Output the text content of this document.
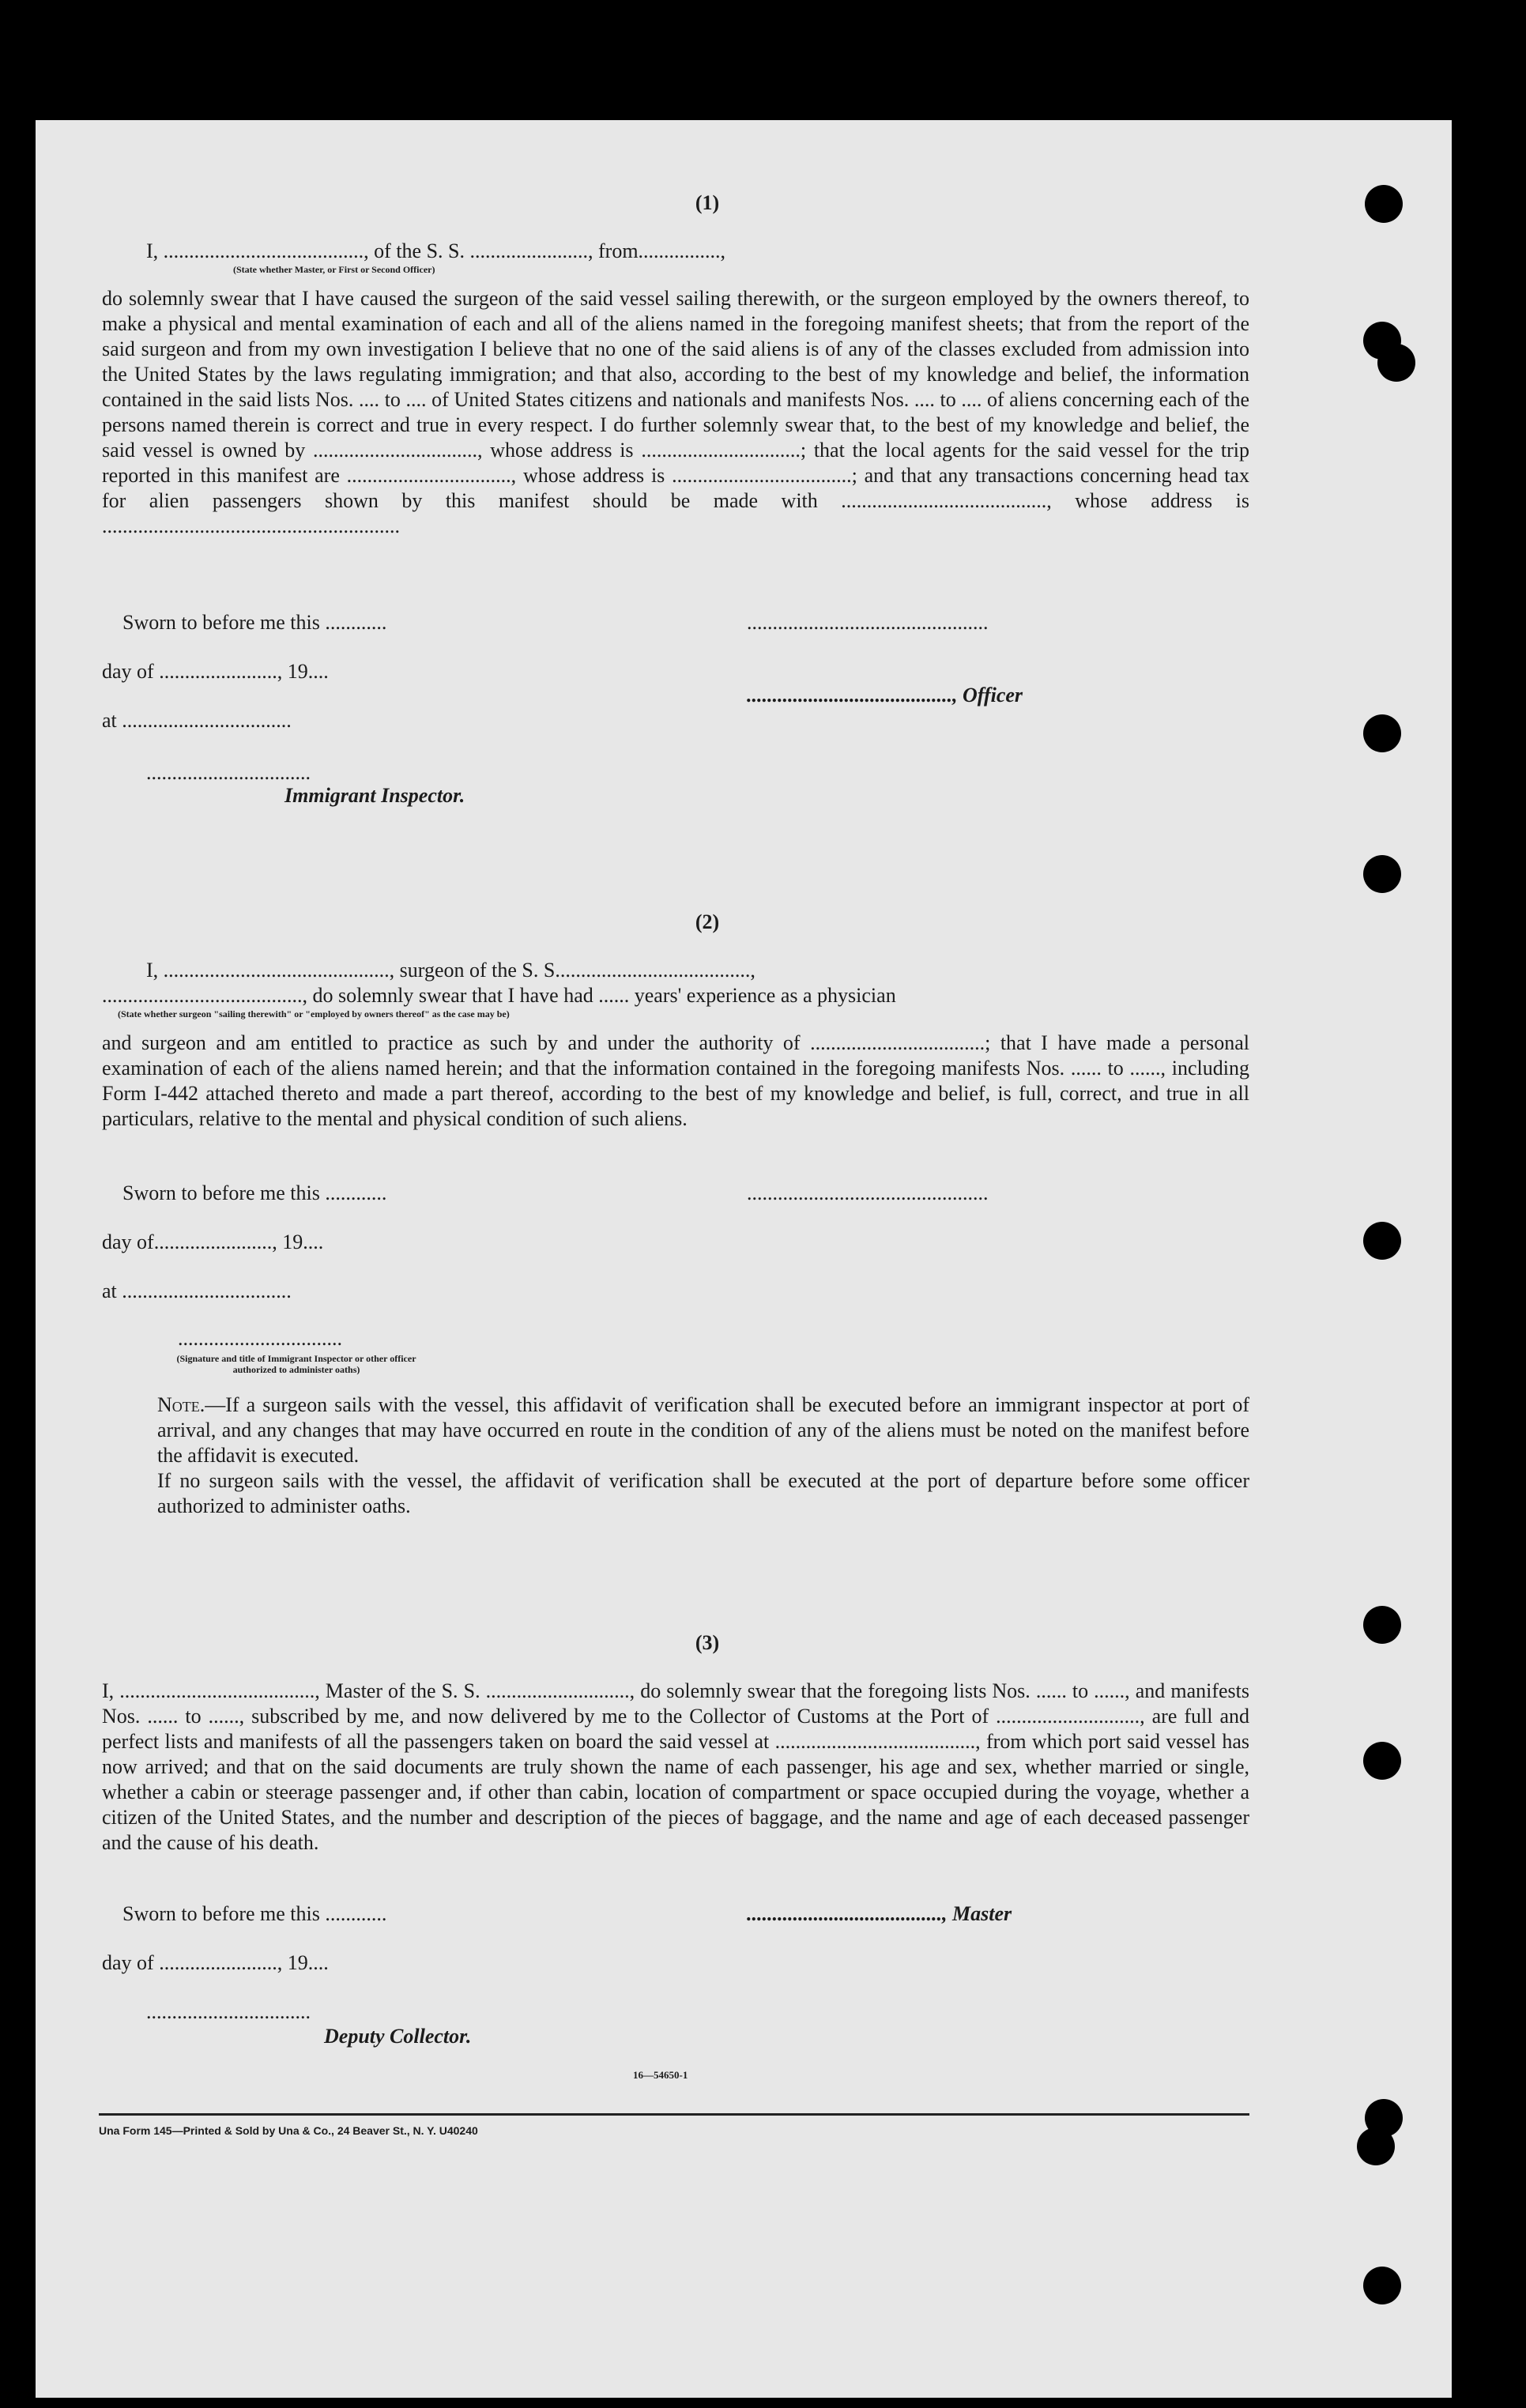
(1)
I, ......................................., of the S. S. ......................., from................,
(State whether Master, or First or Second Officer)
do solemnly swear that I have caused the surgeon of the said vessel sailing therewith, or the surgeon employed by the owners thereof, to make a physical and mental examination of each and all of the aliens named in the foregoing manifest sheets; that from the report of the said surgeon and from my own investigation I believe that no one of the said aliens is of any of the classes excluded from admission into the United States by the laws regulating immigration; and that also, according to the best of my knowledge and belief, the information contained in the said lists Nos. .... to .... of United States citizens and nationals and manifests Nos. .... to .... of aliens concerning each of the persons named therein is correct and true in every respect. I do further solemnly swear that, to the best of my knowledge and belief, the said vessel is owned by ................................, whose address is ...............................; that the local agents for the said vessel for the trip reported in this manifest are ................................, whose address is ...................................; and that any transactions concerning head tax for alien passengers shown by this manifest should be made with ........................................, whose address is ..........................................................
Sworn to before me this ............	...............................................
day of ......................., 19....
........................................, Officer
at .................................
................................
Immigrant Inspector.
(2)
I, ............................................, surgeon of the S. S......................................,
......................................., do solemnly swear that I have had ...... years' experience as a physician
(State whether surgeon "sailing therewith" or "employed by owners thereof" as the case may be)
and surgeon and am entitled to practice as such by and under the authority of ..................................; that I have made a personal examination of each of the aliens named herein; and that the information contained in the foregoing manifests Nos. ...... to ......, including Form I-442 attached thereto and made a part thereof, according to the best of my knowledge and belief, is full, correct, and true in all particulars, relative to the mental and physical condition of such aliens.
Sworn to before me this ............	...............................................
day of......................., 19....
at .................................
................................
(Signature and title of Immigrant Inspector or other officer authorized to administer oaths)
Note.—If a surgeon sails with the vessel, this affidavit of verification shall be executed before an immigrant inspector at port of arrival, and any changes that may have occurred en route in the condition of any of the aliens must be noted on the manifest before the affidavit is executed.
If no surgeon sails with the vessel, the affidavit of verification shall be executed at the port of departure before some officer authorized to administer oaths.
(3)
I, ......................................, Master of the S. S. ............................, do solemnly swear that the foregoing lists Nos. ...... to ......, and manifests Nos. ...... to ......, subscribed by me, and now delivered by me to the Collector of Customs at the Port of ............................, are full and perfect lists and manifests of all the passengers taken on board the said vessel at ......................................., from which port said vessel has now arrived; and that on the said documents are truly shown the name of each passenger, his age and sex, whether married or single, whether a cabin or steerage passenger and, if other than cabin, location of compartment or space occupied during the voyage, whether a citizen of the United States, and the number and description of the pieces of baggage, and the name and age of each deceased passenger and the cause of his death.
Sworn to before me this ............	......................................, Master
day of ......................., 19....
................................
Deputy Collector.
16—54650-1
Una Form 145—Printed & Sold by Una & Co., 24 Beaver St., N. Y. U40240
